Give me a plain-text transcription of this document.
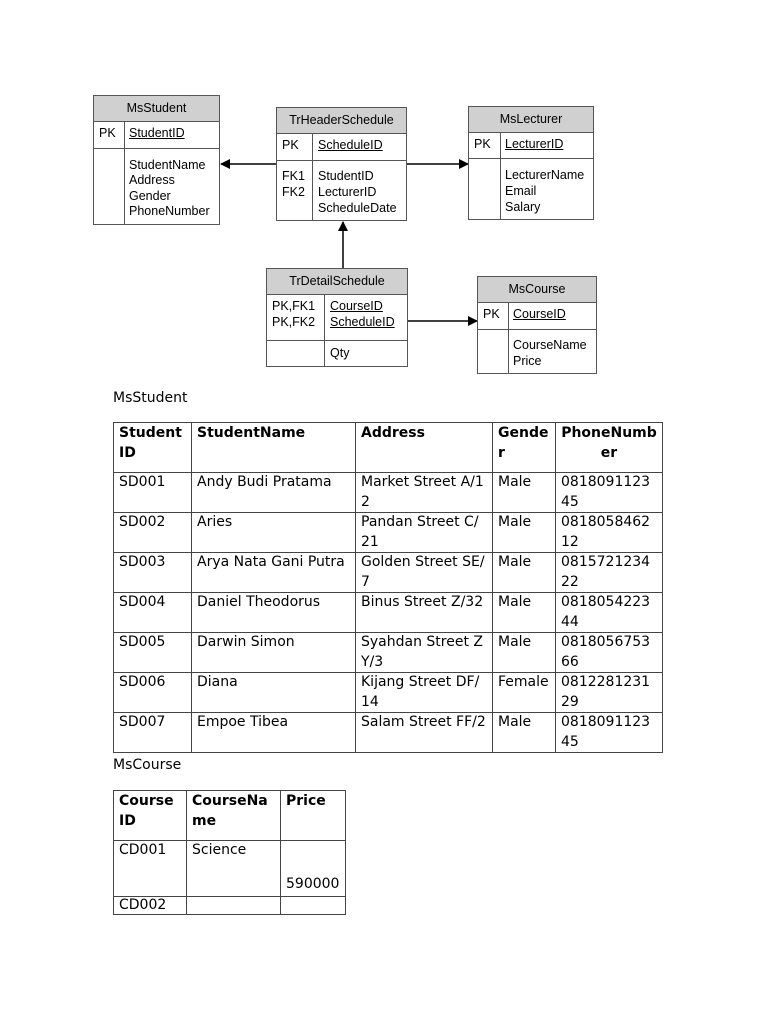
MsStudent
PK StudentID
StudentName
Address
Gender
PhoneNumber
TrHeaderSchedule
PK ScheduleID
FK1
FK2
StudentID
LecturerID
ScheduleDate
MsLecturer
PK LecturerID
LecturerName
Email
Salary
TrDetailSchedule
PK,FK1
PK,FK2
CourseID
ScheduleID
Qty
MsCourse
PK CourseID
CourseName
Price
MsStudent
Student ID	StudentName	Address	Gender	PhoneNumber
SD001	Andy Budi Pratama	Market Street A/12	Male	081809112345
SD002	Aries	Pandan Street C/21	Male	081805846212
SD003	Arya Nata Gani Putra	Golden Street SE/7	Male	081572123422
SD004	Daniel Theodorus	Binus Street Z/32	Male	081805422344
SD005	Darwin Simon	Syahdan Street ZY/3	Male	081805675366
SD006	Diana	Kijang Street DF/14	Female	081228123129
SD007	Empoe Tibea	Salam Street FF/2	Male	081809112345
MsCourse
Course ID	CourseName	Price
CD001	Science	590000
CD002		
